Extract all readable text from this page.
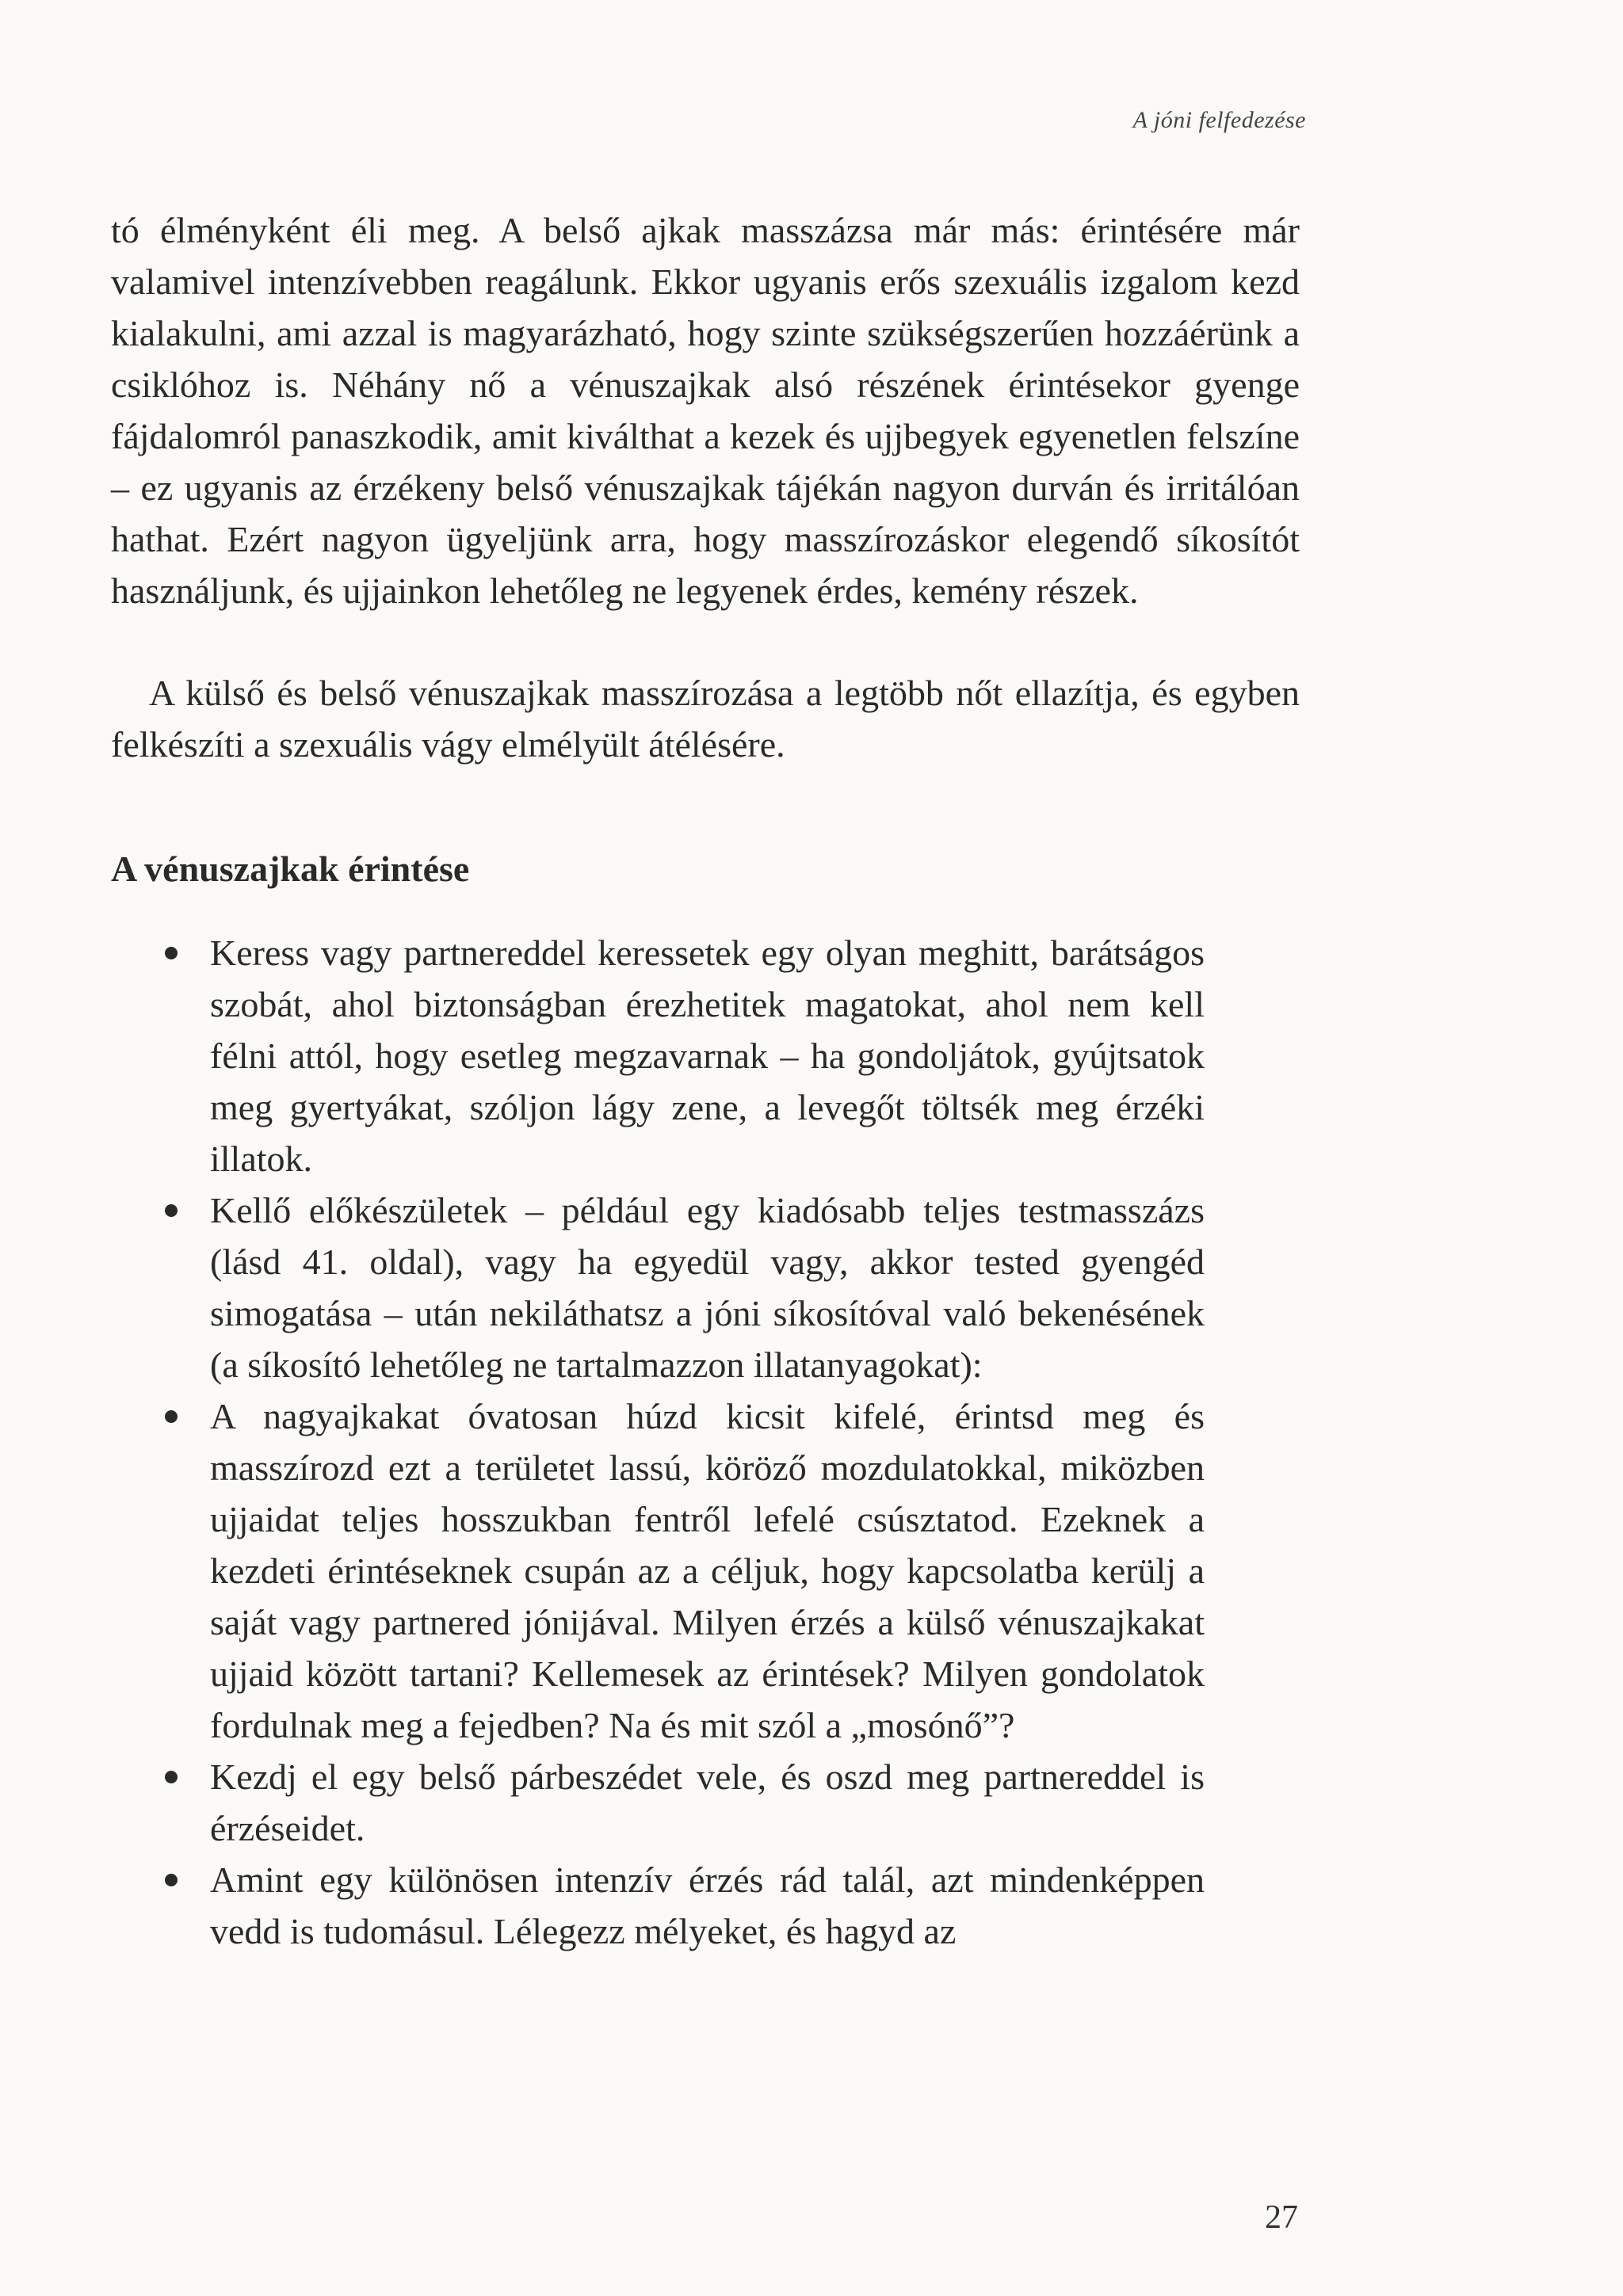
A jóni felfedezése

tó élményként éli meg. A belső ajkak masszázsa már más: érintésére már valamivel intenzívebben reagálunk. Ekkor ugyanis erős szexuális izgalom kezd kialakulni, ami azzal is magyarázható, hogy szinte szükségszerűen hozzáérünk a csiklóhoz is. Néhány nő a vénuszajkak alsó részének érintésekor gyenge fájdalomról panaszkodik, amit kiválthat a kezek és ujjbegyek egyenetlen felszíne – ez ugyanis az érzékeny belső vénuszajkak tájékán nagyon durván és irritálóan hathat. Ezért nagyon ügyeljünk arra, hogy masszírozáskor elegendő síkosítót használjunk, és ujjainkon lehetőleg ne legyenek érdes, kemény részek.

A külső és belső vénuszajkak masszírozása a legtöbb nőt ellazítja, és egyben felkészíti a szexuális vágy elmélyült átélésére.

A vénuszajkak érintése
Keress vagy partnereddel keressetek egy olyan meghitt, barátságos szobát, ahol biztonságban érezhetitek magatokat, ahol nem kell félni attól, hogy esetleg megzavarnak – ha gondoljátok, gyújtsatok meg gyertyákat, szóljon lágy zene, a levegőt töltsék meg érzéki illatok.
Kellő előkészületek – például egy kiadósabb teljes testmasszázs (lásd 41. oldal), vagy ha egyedül vagy, akkor tested gyengéd simogatása – után nekiláthatsz a jóni síkosítóval való bekenésének (a síkosító lehetőleg ne tartalmazzon illatanyagokat):
A nagyajkakat óvatosan húzd kicsit kifelé, érintsd meg és masszírozd ezt a területet lassú, köröző mozdulatokkal, miközben ujjaidat teljes hosszukban fentről lefelé csúsztatod. Ezeknek a kezdeti érintéseknek csupán az a céljuk, hogy kapcsolatba kerülj a saját vagy partnered jónijával. Milyen érzés a külső vénuszajkakat ujjaid között tartani? Kellemesek az érintések? Milyen gondolatok fordulnak meg a fejedben? Na és mit szól a „mosónő”?
Kezdj el egy belső párbeszédet vele, és oszd meg partnereddel is érzéseidet.
Amint egy különösen intenzív érzés rád talál, azt mindenképpen vedd is tudomásul. Lélegezz mélyeket, és hagyd az
27
